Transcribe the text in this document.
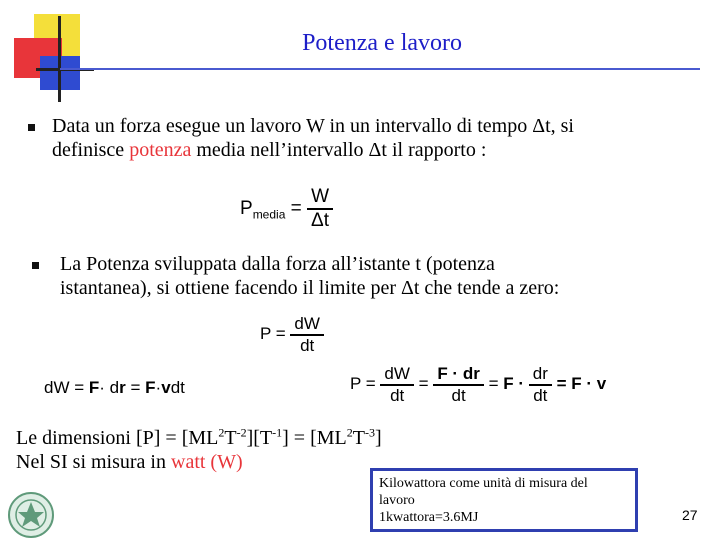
Potenza e lavoro
Data un forza esegue un lavoro W in un intervallo di tempo Δt, si
definisce potenza media nell’intervallo Δt il rapporto :
$P_{media} = \frac{W}{\Delta t}$
La Potenza sviluppata dalla forza all’istante t (potenza
istantanea), si ottiene facendo il limite per Δt che tende a zero:
$P = \frac{dW}{dt}$
dW = F· dr = F·vdt	$P = \frac{dW}{dt} = \frac{F \cdot dr}{dt} = F \cdot \frac{dr}{dt} = F \cdot v$
Le dimensioni $[P] = [ML^2T^{-2}][T^{-1}] = [ML^2T^{-3}]$
Nel SI si misura in watt (W)
Kilowattora come unità di misura del
lavoro
1kwattora=3.6MJ	27
